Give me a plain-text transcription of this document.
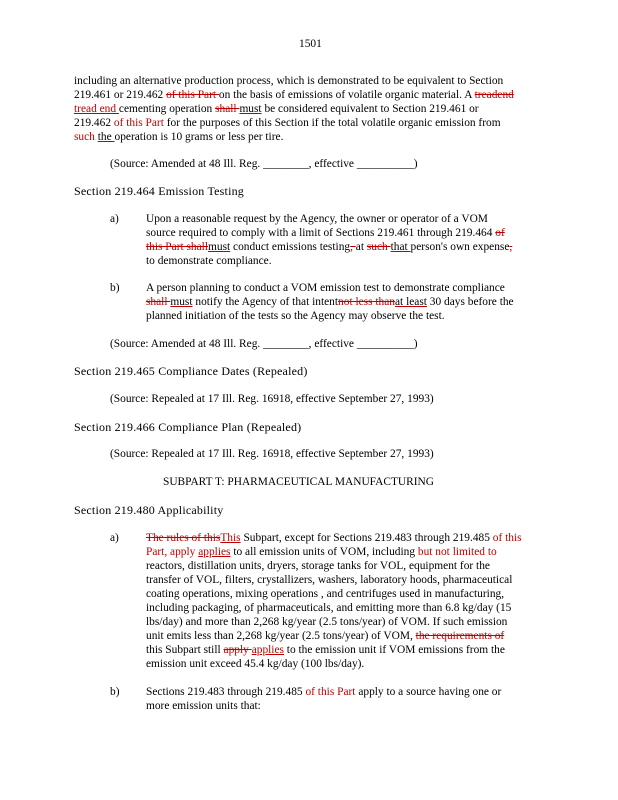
1501
including an alternative production process, which is demonstrated to be equivalent to Section
219.461 or 219.462 of this Part on the basis of emissions of volatile organic material. A treadend
tread end cementing operation shall must be considered equivalent to Section 219.461 or
219.462 of this Part for the purposes of this Section if the total volatile organic emission from
such the operation is 10 grams or less per tire.
(Source: Amended at 48 Ill. Reg. ________, effective __________)
Section 219.464 Emission Testing
a) Upon a reasonable request by the Agency, the owner or operator of a VOM
source required to comply with a limit of Sections 219.461 through 219.464 of
this Part shallmust conduct emissions testing, at such that person's own expense,
to demonstrate compliance.
b) A person planning to conduct a VOM emission test to demonstrate compliance
shall must notify the Agency of that intentnot less thanat least 30 days before the
planned initiation of the tests so the Agency may observe the test.
(Source: Amended at 48 Ill. Reg. ________, effective __________)
Section 219.465 Compliance Dates (Repealed)
(Source: Repealed at 17 Ill. Reg. 16918, effective September 27, 1993)
Section 219.466 Compliance Plan (Repealed)
(Source: Repealed at 17 Ill. Reg. 16918, effective September 27, 1993)
SUBPART T: PHARMACEUTICAL MANUFACTURING
Section 219.480 Applicability
a) The rules of thisThis Subpart, except for Sections 219.483 through 219.485 of this
Part, apply applies to all emission units of VOM, including but not limited to
reactors, distillation units, dryers, storage tanks for VOL, equipment for the
transfer of VOL, filters, crystallizers, washers, laboratory hoods, pharmaceutical
coating operations, mixing operations , and centrifuges used in manufacturing,
including packaging, of pharmaceuticals, and emitting more than 6.8 kg/day (15
lbs/day) and more than 2,268 kg/year (2.5 tons/year) of VOM. If such emission
unit emits less than 2,268 kg/year (2.5 tons/year) of VOM, the requirements of
this Subpart still apply applies to the emission unit if VOM emissions from the
emission unit exceed 45.4 kg/day (100 lbs/day).
b) Sections 219.483 through 219.485 of this Part apply to a source having one or
more emission units that:
